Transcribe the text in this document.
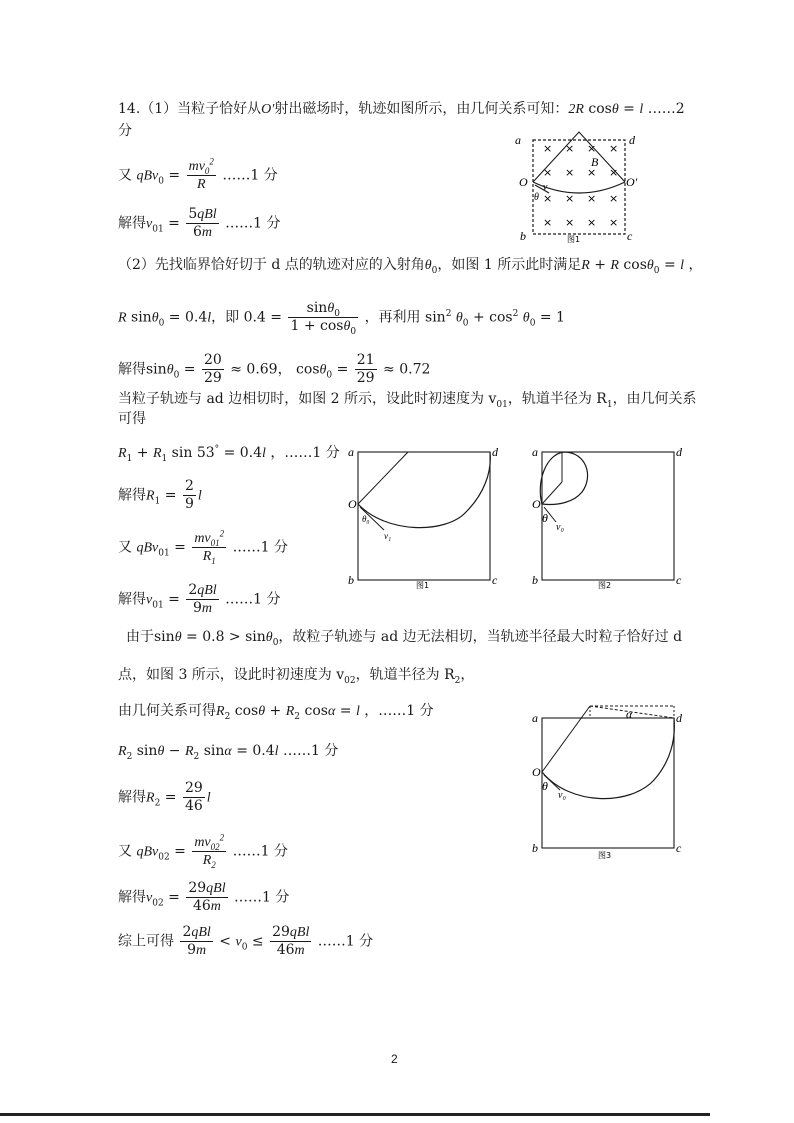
14.（1）当粒子恰好从O′射出磁场时，轨迹如图所示，由几何关系可知：2R cosθ = l ……2
分
又 $qBv_0 = \frac{mv_0^2}{R}$ ……1 分
解得$v_{01} = \frac{\text{5qBl}}{6m}$ ……1 分
（2）先找临界恰好切于 d 点的轨迹对应的入射角$\theta_0$，如图 1 所示此时满足R + R cosθ$_0$ = l ，
R sinθ$_0$ = 0.4l，即 $0.4 = \frac{\sin\theta_0}{1 + \cos\theta_0}$ ，再利用 $\sin^2 \theta_0 + \cos^2 \theta_0 = 1$
解得$\sin\theta_0 = \frac{20}{29} \approx 0.69$， $\cos\theta_0 = \frac{21}{29} \approx 0.72$
当粒子轨迹与 ad 边相切时，如图 2 所示，设此时初速度为 $v_{01}$，轨道半径为 $R_1$，由几何关系
可得
$R_1 + R_1$ sin 53° = 0.4l ，……1 分
解得$R_1 = \frac{2}{9}$ l
又 $qBv_{01} = \frac{mv_{01}^2}{R_1}$ ……1 分
解得$v_{01} = \frac{\text{2qBl}}{9m}$ ……1 分
由于sinθ = 0.8 > sinθ$_0$，故粒子轨迹与 ad 边无法相切，当轨迹半径最大时粒子恰好过 d
点，如图 3 所示，设此时初速度为 $v_{02}$，轨道半径为 $R_2$，
由几何关系可得$R_2$ $\cos\theta + R_2$ cosα = l ，……1 分
$R_2$ $\sin\theta - R_2$ sinα = 0.4l ……1 分
解得$R_2 = \frac{29}{46}$ l
又 $qBv_{02} = \frac{mv_{02}^2}{R_2}$ ……1 分
解得$v_{02} = \frac{\text{29qBl}}{46m}$ ……1 分
综上可得 $\frac{\text{2qBl}}{9m} < v_0 \le \frac{\text{29qBl}}{46m}$ ……1 分
× × × ×
× × × ×
× × × ×
× × × ×
a	d
O	O′
B
v
θ
b	c
图1
a	d
O
θ₀
v₁
b	c
图1
a	d
O
θ
v₀
b	c
图2
a	d
O
θ
v₀
α
b	c
图3
2
